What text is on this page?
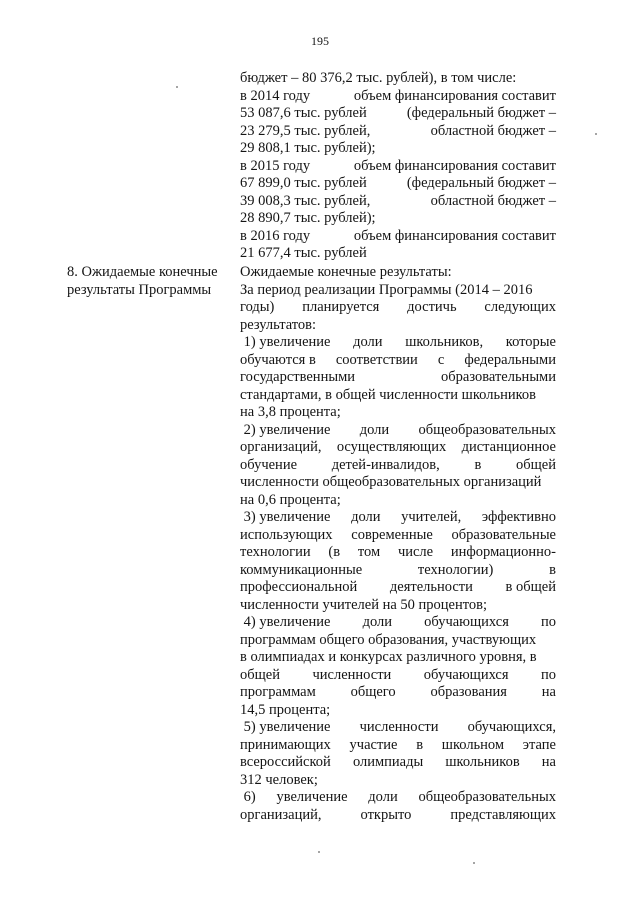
195
бюджет – 80 376,2 тыс. рублей), в том числе:
в 2014 году	объем финансирования составит
53 087,6 тыс. рублей	(федеральный бюджет –
23 279,5 тыс. рублей,	областной бюджет –
29 808,1 тыс. рублей);
в 2015 году	объем финансирования составит
67 899,0 тыс. рублей	(федеральный бюджет –
39 008,3 тыс. рублей,	областной бюджет –
28 890,7 тыс. рублей);
в 2016 году	объем финансирования составит
21 677,4 тыс. рублей
8. Ожидаемые конечные
результаты Программы
Ожидаемые конечные результаты:
За период реализации Программы (2014 – 2016
годы) планируется достичь следующих
результатов:
1) увеличение доли школьников, которые
обучаются в соответствии с федеральными
государственными	образовательными
стандартами, в общей численности школьников
на 3,8 процента;
2) увеличение доли общеобразовательных
организаций, осуществляющих дистанционное
обучение детей-инвалидов, в общей
численности общеобразовательных организаций
на 0,6 процента;
3) увеличение доли учителей, эффективно
использующих современные образовательные
технологии (в том числе информационно-
коммуникационные	технологии)	в
профессиональной деятельности в общей
численности учителей на 50 процентов;
4) увеличение доли обучающихся по
программам общего образования, участвующих
в олимпиадах и конкурсах различного уровня, в
общей численности обучающихся по
программам общего образования на
14,5 процента;
5) увеличение численности обучающихся,
принимающих участие в школьном этапе
всероссийской олимпиады школьников на
312 человек;
6) увеличение доли общеобразовательных
организаций,	открыто	представляющих
